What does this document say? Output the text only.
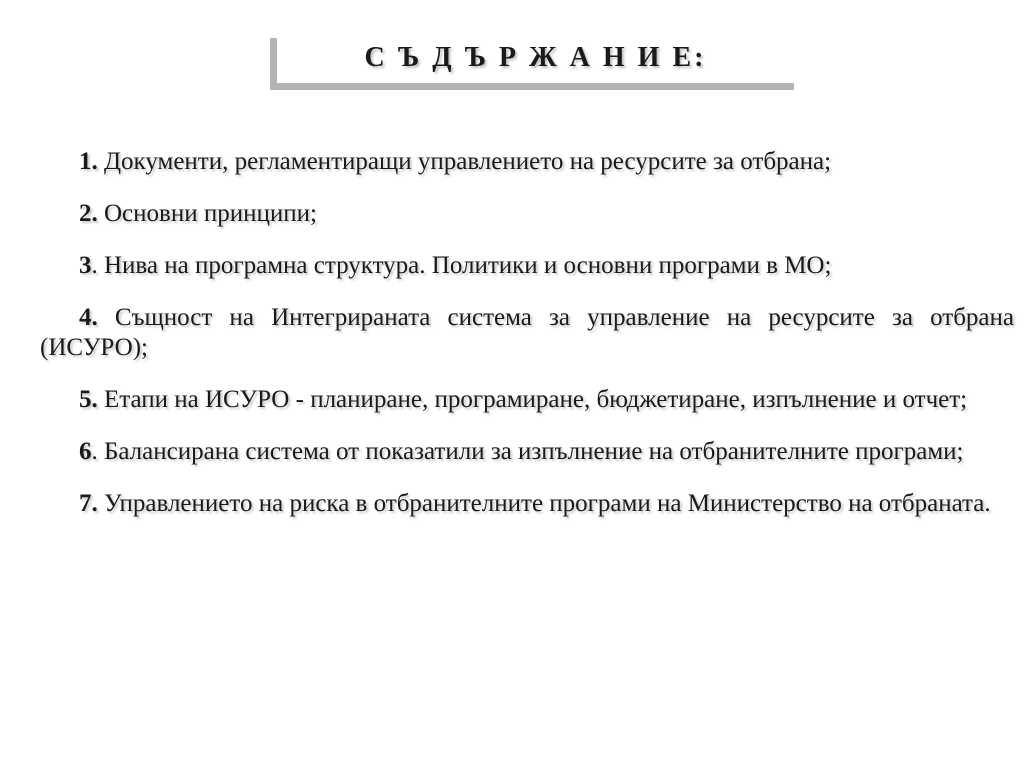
С Ъ Д Ъ Р Ж А Н И Е:

1. Документи, регламентиращи управлението на ресурсите за отбрана;

2. Основни принципи;

3. Нива на програмна структура. Политики и основни програми в МО;

4. Същност на Интегрираната система за управление на ресурсите за отбрана (ИСУРО);

5. Етапи на ИСУРО - планиране, програмиране, бюджетиране, изпълнение и отчет;

6. Балансирана система от показатили за изпълнение на отбранителните програми;

7. Управлението на риска в отбранителните програми на Министерство на отбраната.
